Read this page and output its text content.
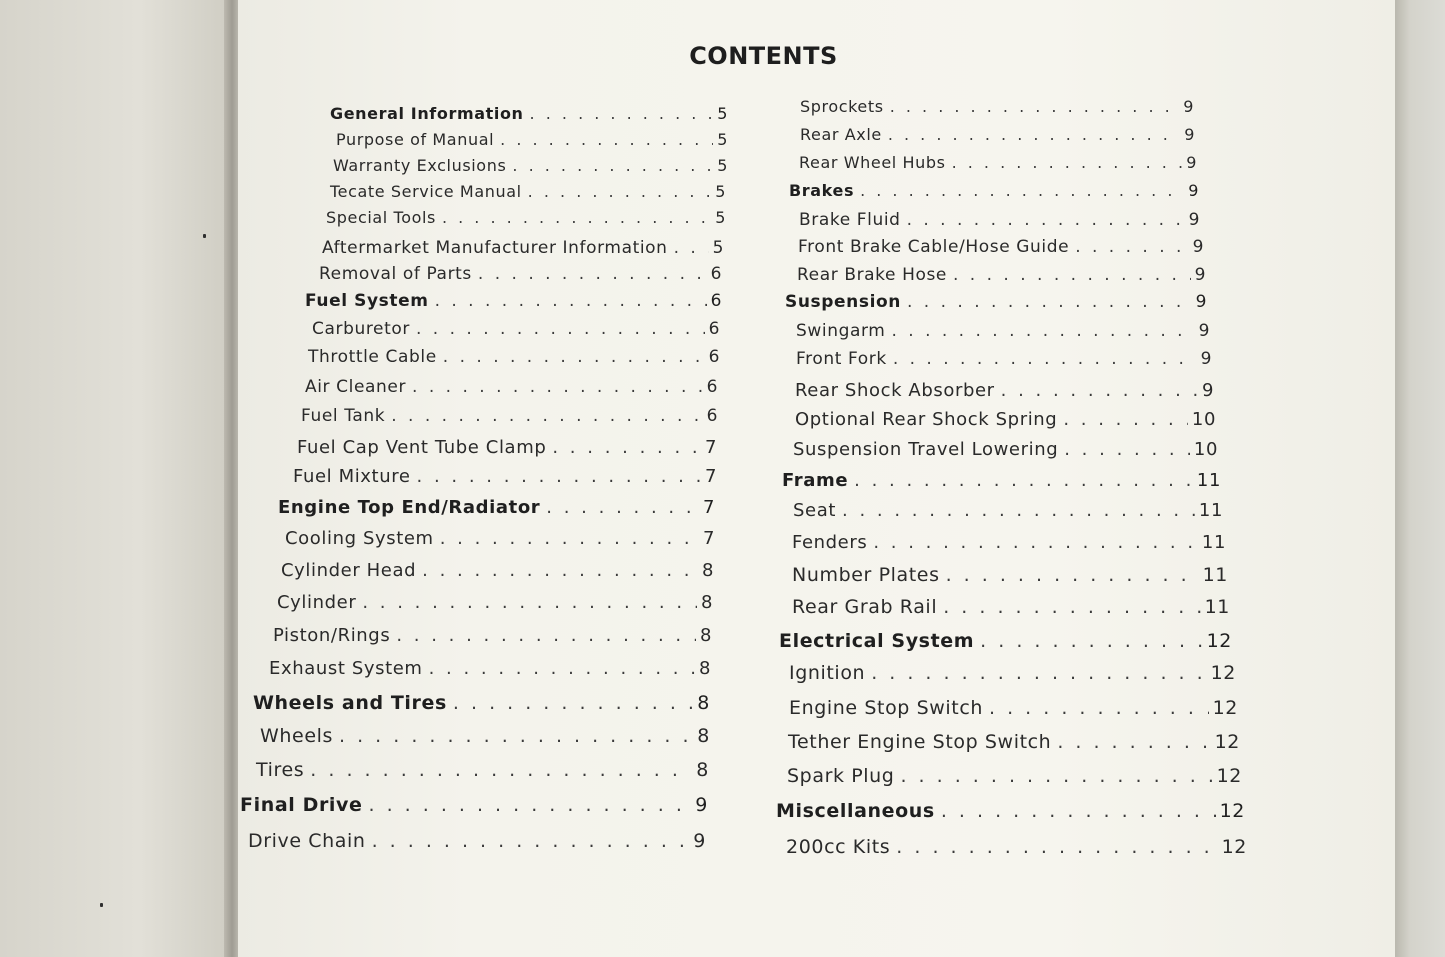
CONTENTS
General Information . . .	5
Purpose of Manual . . .	5
Warranty Exclusions . . .	5
Tecate Service Manual . . .	5
Special Tools . . .	5
Aftermarket Manufacturer Information . . .	5
Removal of Parts . . .	6
Fuel System . . .	6
Carburetor . . .	6
Throttle Cable . . .	6
Air Cleaner . . .	6
Fuel Tank . . .	6
Fuel Cap Vent Tube Clamp . . .	7
Fuel Mixture . . .	7
Engine Top End/Radiator . . .	7
Cooling System . . .	7
Cylinder Head . . .	8
Cylinder . . .	8
Piston/Rings . . .	8
Exhaust System . . .	8
Wheels and Tires . . .	8
Wheels . . .	8
Tires . . .	8
Final Drive . . .	9
Drive Chain . . .	9
Sprockets . . .	9
Rear Axle . . .	9
Rear Wheel Hubs . . .	9
Brakes . . .	9
Brake Fluid . . .	9
Front Brake Cable/Hose Guide . . .	9
Rear Brake Hose . . .	9
Suspension . . .	9
Swingarm . . .	9
Front Fork . . .	9
Rear Shock Absorber . . .	9
Optional Rear Shock Spring . . .	10
Suspension Travel Lowering . . .	10
Frame . . .	11
Seat . . .	11
Fenders . . .	11
Number Plates . . .	11
Rear Grab Rail . . .	11
Electrical System . . .	12
Ignition . . .	12
Engine Stop Switch . . .	12
Tether Engine Stop Switch . . .	12
Spark Plug . . .	12
Miscellaneous . . .	12
200cc Kits . . .	12
